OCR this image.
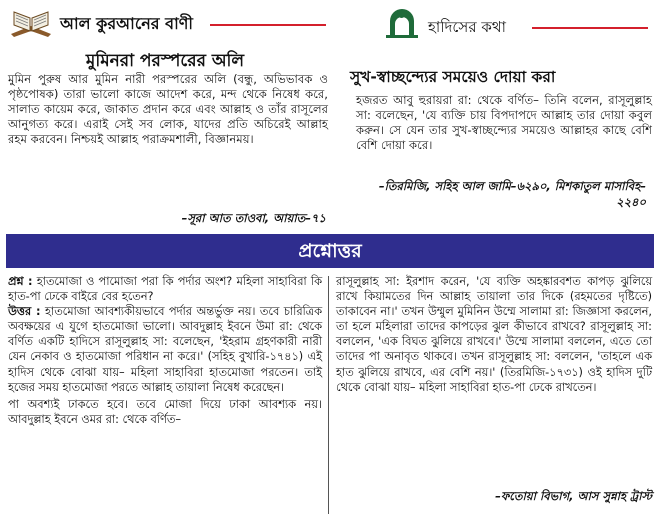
আল কুরআনের বাণী	হাদিসের কথা
মুমিনরা পরস্পরের অলি
মুমিন পুরুষ আর মুমিন নারী পরস্পরের অলি (বন্ধু, অভিভাবক ও পৃষ্ঠপোষক) তারা ভালো কাজে আদেশ করে, মন্দ থেকে নিষেধ করে, সালাত কায়েম করে, জাকাত প্রদান করে এবং আল্লাহ ও তাঁর রাসূলের আনুগত্য করে। এরাই সেই সব লোক, যাদের প্রতি অচিরেই আল্লাহ রহম করবেন। নিশ্চয়ই আল্লাহ পরাক্রমশালী, বিজ্ঞানময়।
–সূরা আত তাওবা, আয়াত–৭১
সুখ-স্বাচ্ছন্দ্যের সময়েও দোয়া করা
হজরত আবু হুরায়রা রা: থেকে বর্ণিত– তিনি বলেন, রাসূলুল্লাহ সা: বলেছেন, 'যে ব্যক্তি চায় বিপদাপদে আল্লাহ তার দোয়া কবুল করুন। সে যেন তার সুখ-স্বাচ্ছন্দ্যের সময়েও আল্লাহর কাছে বেশি বেশি দোয়া করে।
–তিরমিজি, সহিহ আল জামি–৬২৯০, মিশকাতুল মাসাবিহ–২২৪০
প্রশ্নোত্তর
প্রশ্ন : হাতমোজা ও পামোজা পরা কি পর্দার অংশ? মহিলা সাহাবিরা কি হাত-পা ঢেকে বাইরে বের হতেন?
উত্তর : হাতমোজা আবশ্যকীয়ভাবে পর্দার অন্তর্ভুক্ত নয়। তবে চারিত্রিক অবক্ষয়ের এ যুগে হাতমোজা ভালো। আবদুল্লাহ ইবনে উমা রা: থেকে বর্ণিত একটি হাদিসে রাসূলুল্লাহ সা: বলেছেন, 'ইহরাম গ্রহণকারী নারী যেন নেকাব ও হাতমোজা পরিধান না করে।' (সহিহ বুখারি-১৭৪১) এই হাদিস থেকে বোঝা যায়– মহিলা সাহাবিরা হাতমোজা পরতেন। তাই হজের সময় হাতমোজা পরতে আল্লাহ তায়ালা নিষেধ করেছেন।
পা অবশ্যই ঢাকতে হবে। তবে মোজা দিয়ে ঢাকা আবশ্যক নয়। আবদুল্লাহ ইবনে ওমর রা: থেকে বর্ণিত–
রাসূলুল্লাহ সা: ইরশাদ করেন, 'যে ব্যক্তি অহঙ্কারবশত কাপড় ঝুলিয়ে রাখে কিয়ামতের দিন আল্লাহ তায়ালা তার দিকে (রহমতের দৃষ্টিতে) তাকাবেন না।' তখন উম্মুল মুমিনিন উম্মে সালামা রা: জিজ্ঞাসা করলেন, তা হলে মহিলারা তাদের কাপড়ের ঝুল কীভাবে রাখবে? রাসূলুল্লাহ সা: বললেন, 'এক বিঘত ঝুলিয়ে রাখবে।' উম্মে সালামা বললেন, এতে তো তাদের পা অনাবৃত থাকবে। তখন রাসূলুল্লাহ সা: বললেন, 'তাহলে এক হাত ঝুলিয়ে রাখবে, এর বেশি নয়।' (তিরমিজি-১৭৩১) ওই হাদিস দুটি থেকে বোঝা যায়– মহিলা সাহাবিরা হাত-পা ঢেকে রাখতেন।
–ফতোয়া বিভাগ, আস সুন্নাহ ট্রাস্ট
